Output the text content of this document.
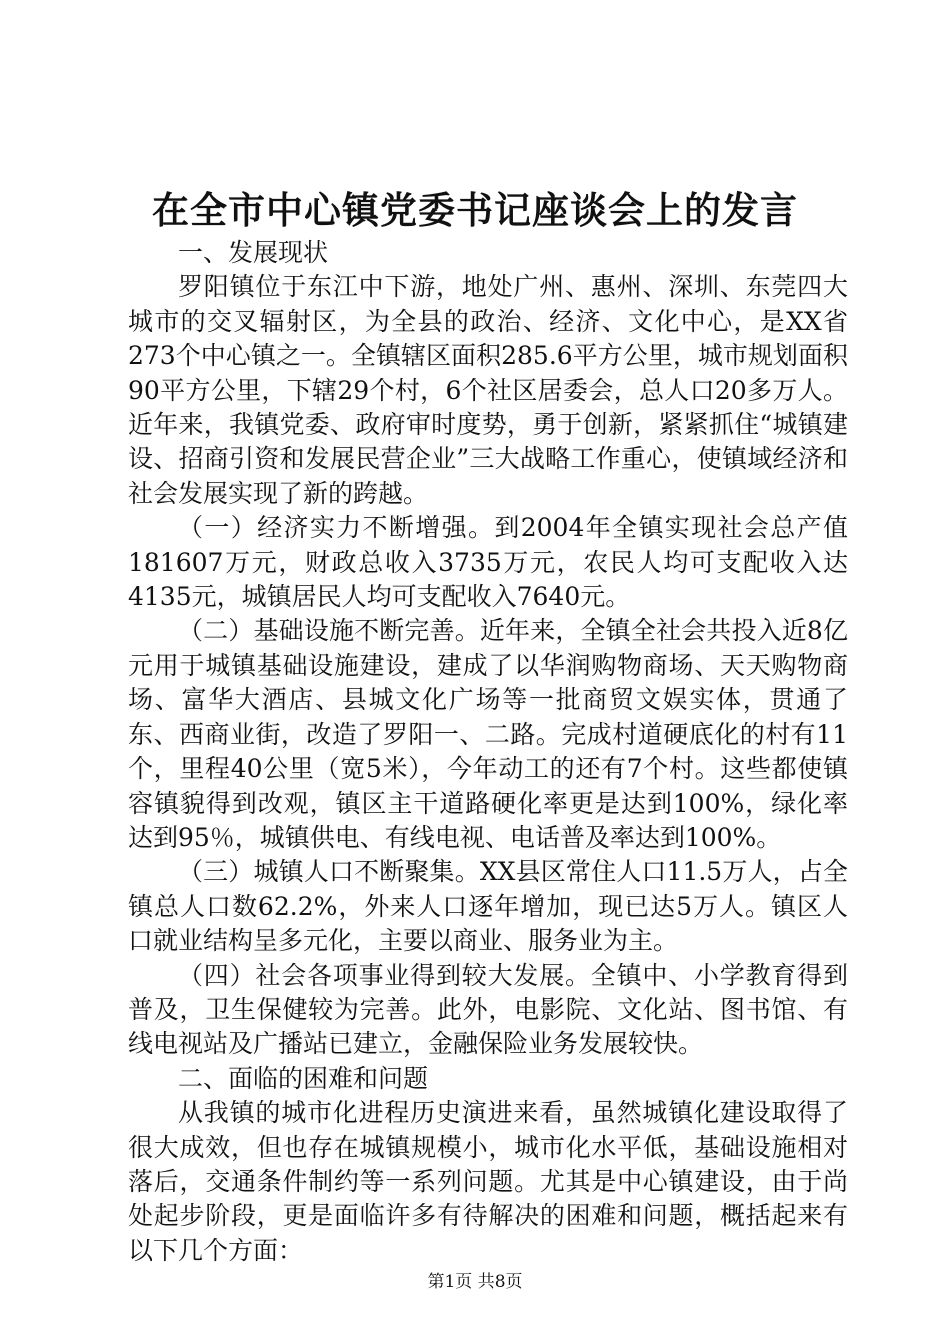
在全市中心镇党委书记座谈会上的发言

一、发展现状

罗阳镇位于东江中下游，地处广州、惠州、深圳、东莞四大城市的交叉辐射区，为全县的政治、经济、文化中心，是XX省273个中心镇之一。全镇辖区面积285.6平方公里，城市规划面积90平方公里，下辖29个村，6个社区居委会，总人口20多万人。近年来，我镇党委、政府审时度势，勇于创新，紧紧抓住“城镇建设、招商引资和发展民营企业”三大战略工作重心，使镇域经济和社会发展实现了新的跨越。

（一）经济实力不断增强。到2004年全镇实现社会总产值181607万元，财政总收入3735万元，农民人均可支配收入达4135元，城镇居民人均可支配收入7640元。

（二）基础设施不断完善。近年来，全镇全社会共投入近8亿元用于城镇基础设施建设，建成了以华润购物商场、天天购物商场、富华大酒店、县城文化广场等一批商贸文娱实体，贯通了东、西商业街，改造了罗阳一、二路。完成村道硬底化的村有11个，里程40公里（宽5米），今年动工的还有7个村。这些都使镇容镇貌得到改观，镇区主干道路硬化率更是达到100%，绿化率达到95％，城镇供电、有线电视、电话普及率达到100%。

（三）城镇人口不断聚集。XX县区常住人口11.5万人，占全镇总人口数62.2%，外来人口逐年增加，现已达5万人。镇区人口就业结构呈多元化，主要以商业、服务业为主。

（四）社会各项事业得到较大发展。全镇中、小学教育得到普及，卫生保健较为完善。此外，电影院、文化站、图书馆、有线电视站及广播站已建立，金融保险业务发展较快。

二、面临的困难和问题

从我镇的城市化进程历史演进来看，虽然城镇化建设取得了很大成效，但也存在城镇规模小，城市化水平低，基础设施相对落后，交通条件制约等一系列问题。尤其是中心镇建设，由于尚处起步阶段，更是面临许多有待解决的困难和问题，概括起来有以下几个方面：

第1页 共8页
